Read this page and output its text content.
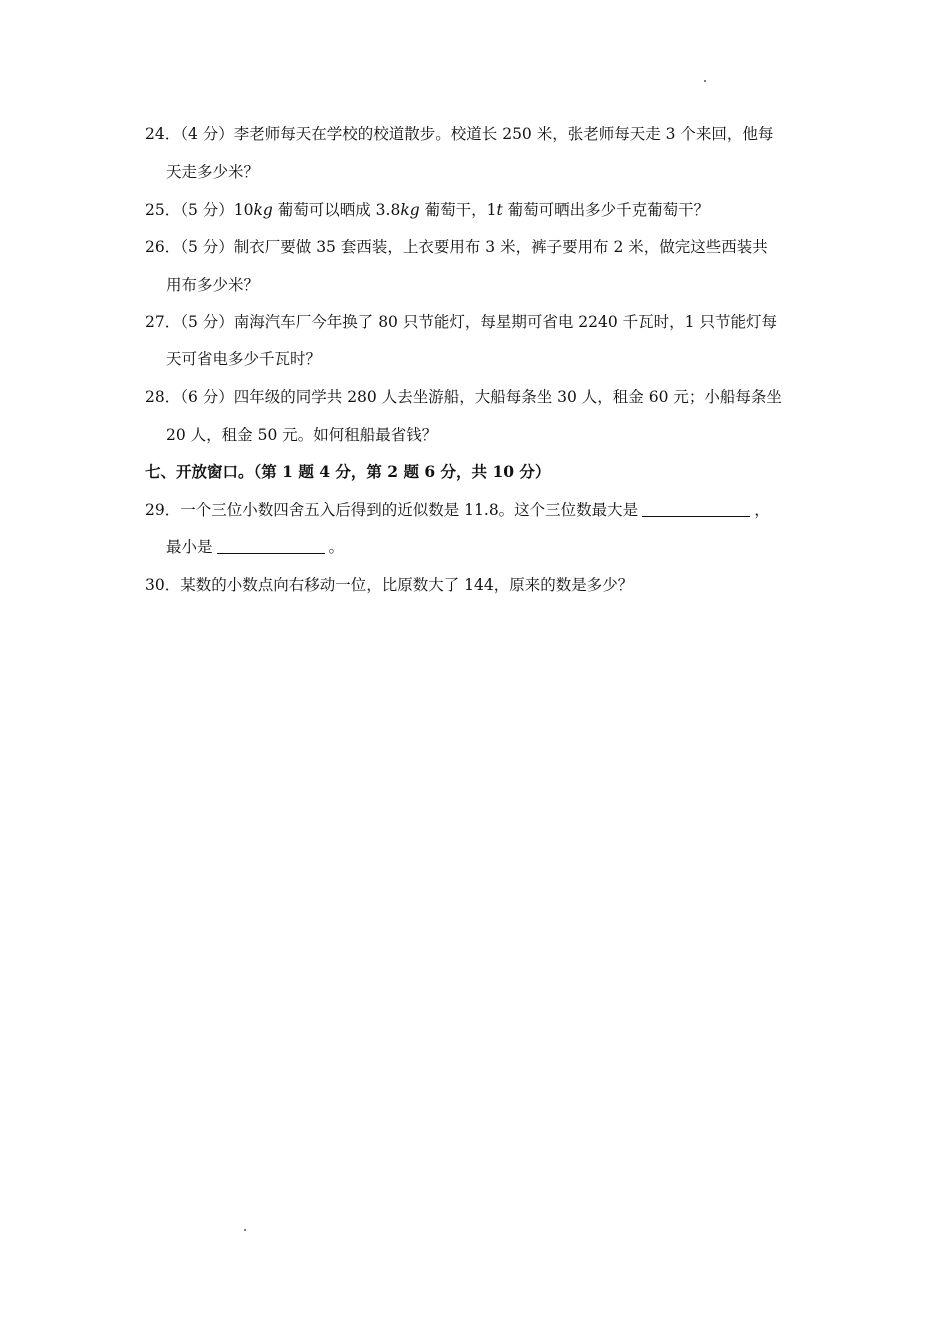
24．（4 分）李老师每天在学校的校道散步。校道长 250 米，张老师每天走 3 个来回，他每
天走多少米？
25．（5 分）10kg 葡萄可以晒成 3.8kg 葡萄干，1t 葡萄可晒出多少千克葡萄干？
26．（5 分）制衣厂要做 35 套西装，上衣要用布 3 米，裤子要用布 2 米，做完这些西装共
用布多少米？
27．（5 分）南海汽车厂今年换了 80 只节能灯，每星期可省电 2240 千瓦时，1 只节能灯每
天可省电多少千瓦时？
28．（6 分）四年级的同学共 280 人去坐游船，大船每条坐 30 人，租金 60 元；小船每条坐
20 人，租金 50 元。如何租船最省钱？
七、开放窗口。（第 1 题 4 分，第 2 题 6 分，共 10 分）
29．一个三位小数四舍五入后得到的近似数是 11.8。这个三位数最大是	，
最小是	。
30．某数的小数点向右移动一位，比原数大了 144，原来的数是多少？
